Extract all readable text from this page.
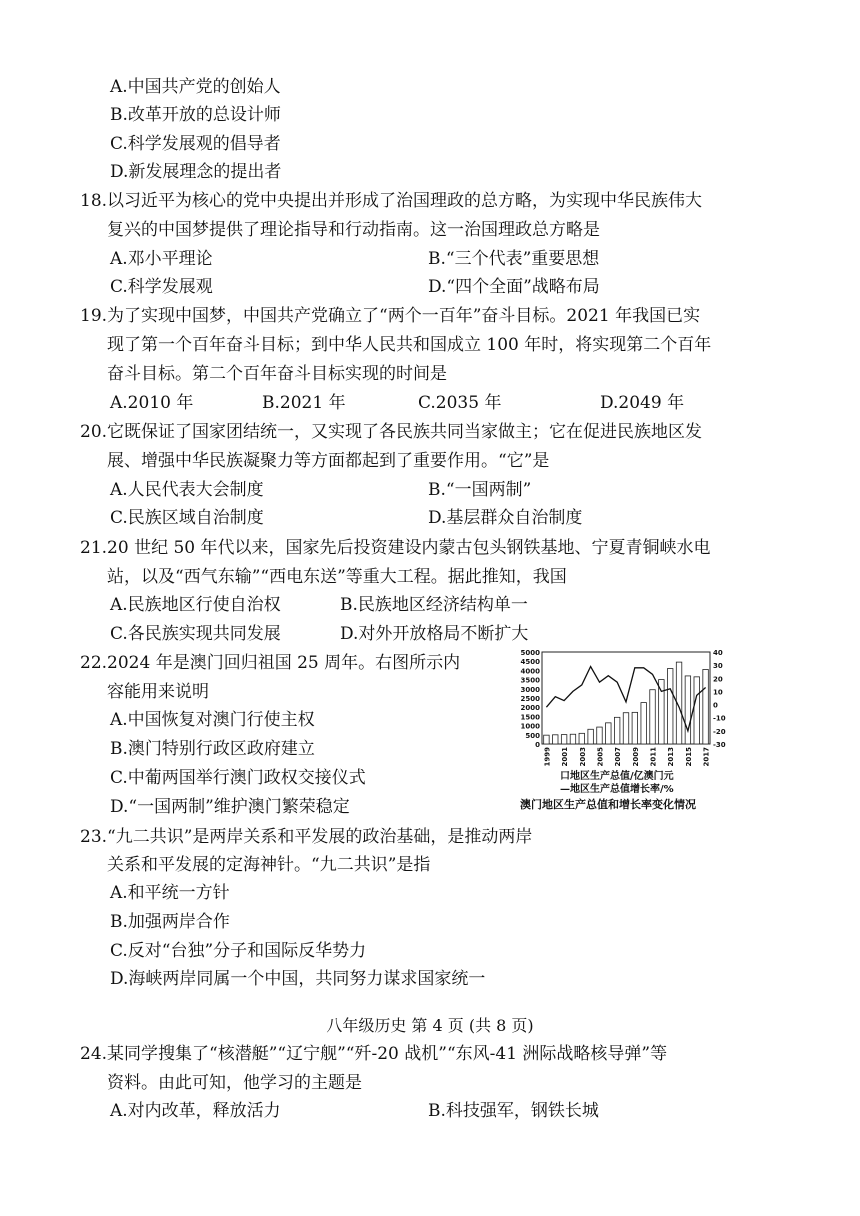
A.中国共产党的创始人
B.改革开放的总设计师
C.科学发展观的倡导者
D.新发展理念的提出者
18.以习近平为核心的党中央提出并形成了治国理政的总方略，为实现中华民族伟大
复兴的中国梦提供了理论指导和行动指南。这一治国理政总方略是
A.邓小平理论	B.“三个代表”重要思想
C.科学发展观	D.“四个全面”战略布局
19.为了实现中国梦，中国共产党确立了“两个一百年”奋斗目标。2021 年我国已实
现了第一个百年奋斗目标；到中华人民共和国成立 100 年时，将实现第二个百年
奋斗目标。第二个百年奋斗目标实现的时间是
A.2010 年	B.2021 年	C.2035 年	D.2049 年
20.它既保证了国家团结统一，又实现了各民族共同当家做主；它在促进民族地区发
展、增强中华民族凝聚力等方面都起到了重要作用。“它”是
A.人民代表大会制度	B.“一国两制”
C.民族区域自治制度	D.基层群众自治制度
21.20 世纪 50 年代以来，国家先后投资建设内蒙古包头钢铁基地、宁夏青铜峡水电
站，以及“西气东输”“西电东送”等重大工程。据此推知，我国
A.民族地区行使自治权	B.民族地区经济结构单一
C.各民族实现共同发展	D.对外开放格局不断扩大
22.2024 年是澳门回归祖国 25 周年。右图所示内
容能用来说明
A.中国恢复对澳门行使主权
B.澳门特别行政区政府建立
C.中葡两国举行澳门政权交接仪式
D.“一国两制”维护澳门繁荣稳定
5000
4500
4000
3500
3000
2500
2000
1500
1000
500
0
40
30
20
10
0
-10
-20
-30
1999 2001 2003 2005 2007 2009 2011 2013 2015 2017
口地区生产总值/亿澳门元
—地区生产总值增长率/%
澳门地区生产总值和增长率变化情况
23.“九二共识”是两岸关系和平发展的政治基础，是推动两岸
关系和平发展的定海神针。“九二共识”是指
A.和平统一方针
B.加强两岸合作
C.反对“台独”分子和国际反华势力
D.海峡两岸同属一个中国，共同努力谋求国家统一
八年级历史 第 4 页 (共 8 页)
24.某同学搜集了“核潜艇”“辽宁舰”“歼-20 战机”“东风-41 洲际战略核导弹”等
资料。由此可知，他学习的主题是
A.对内改革，释放活力	B.科技强军，钢铁长城
